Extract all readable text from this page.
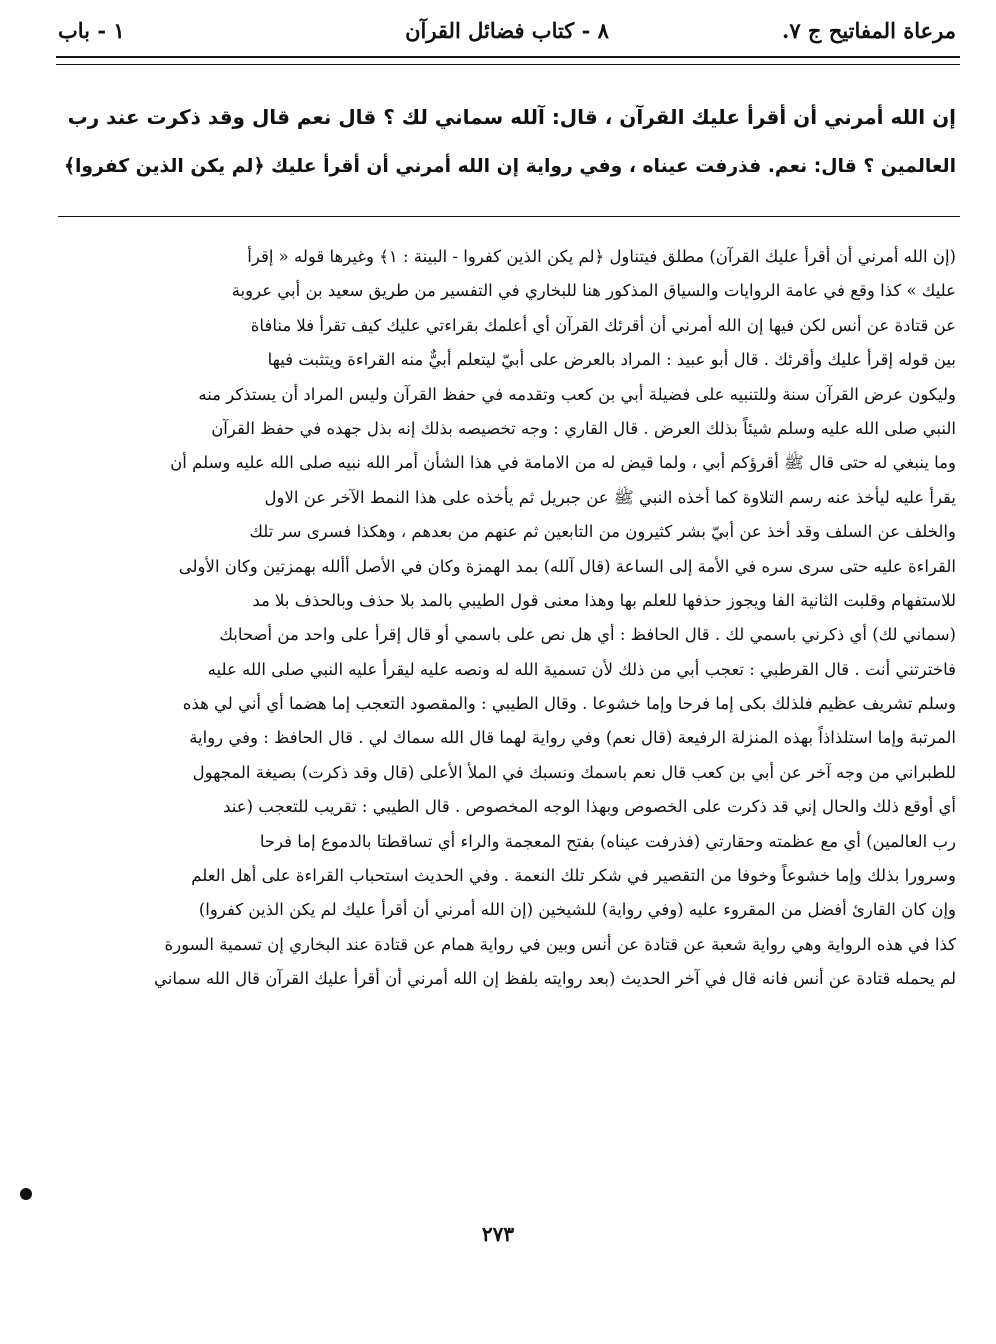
مرعاة المفاتيح ج ٧.
٨ - كتاب فضائل القرآن
١ - باب

إن الله أمرني أن أقرأ عليك القرآن ، قال: آلله سماني لك ؟ قال نعم قال وقد ذكرت عند رب

العالمين ؟ قال: نعم. فذرفت عيناه ، وفي رواية إن الله أمرني أن أقرأ عليك ﴿لم يكن الذين كفروا﴾

(إن الله أمرني أن أقرأ عليك القرآن) مطلق فيتناول ﴿لم يكن الذين كفروا - البينة : ١﴾ وغيرها قوله « إقرأ
عليك » كذا وقع في عامة الروايات والسياق المذكور هنا للبخاري في التفسير من طريق سعيد بن أبي عروبة
عن قتادة عن أنس لكن فيها إن الله أمرني أن أقرئك القرآن أي أعلمك بقراءتي عليك كيف تقرأ فلا منافاة
بين قوله إقرأ عليك وأقرئك . قال أبو عبيد : المراد بالعرض على أبيّ ليتعلم أبيٌّ منه القراءة ويتثبت فيها
وليكون عرض القرآن سنة وللتنبيه على فضيلة أبي بن كعب وتقدمه في حفظ القرآن وليس المراد أن يستذكر منه
النبي صلى الله عليه وسلم شيئاً بذلك العرض . قال القاري : وجه تخصيصه بذلك إنه بذل جهده في حفظ القرآن
وما ينبغي له حتى قال ﷺ أقرؤكم أبي ، ولما قيض له من الامامة في هذا الشأن أمر الله نبيه صلى الله عليه وسلم أن
يقرأ عليه ليأخذ عنه رسم التلاوة كما أخذه النبي ﷺ عن جبريل ثم يأخذه على هذا النمط الآخر عن الاول
والخلف عن السلف وقد أخذ عن أبيّ بشر كثيرون من التابعين ثم عنهم من بعدهم ، وهكذا فسرى سر تلك
القراءة عليه حتى سرى سره في الأمة إلى الساعة (قال آلله) بمد الهمزة وكان في الأصل أألله بهمزتين وكان الأولى
للاستفهام وقلبت الثانية الفا ويجوز حذفها للعلم بها وهذا معنى قول الطيبي بالمد بلا حذف وبالحذف بلا مد
(سماني لك) أي ذكرني باسمي لك . قال الحافظ : أي هل نص على باسمي أو قال إقرأ على واحد من أصحابك
فاخترتني أنت . قال القرطبي : تعجب أبي من ذلك لأن تسمية الله له ونصه عليه ليقرأ عليه النبي صلى الله عليه
وسلم تشريف عظيم فلذلك بكى إما فرحا وإما خشوعا . وقال الطيبي : والمقصود التعجب إما هضما أي أني لي هذه
المرتبة وإما استلذاذاً بهذه المنزلة الرفيعة (قال نعم) وفي رواية لهما قال الله سماك لي . قال الحافظ : وفي رواية
للطبراني من وجه آخر عن أبي بن كعب قال نعم باسمك ونسبك في الملأ الأعلى (قال وقد ذكرت) بصيغة المجهول
أي أوقع ذلك والحال إني قد ذكرت على الخصوص وبهذا الوجه المخصوص . قال الطيبي : تقريب للتعجب (عند
رب العالمين) أي مع عظمته وحقارتي (فذرفت عيناه) بفتح المعجمة والراء أي تساقطتا بالدموع إما فرحا
وسرورا بذلك وإما خشوعاً وخوفا من التقصير في شكر تلك النعمة . وفي الحديث استحباب القراءة على أهل العلم
وإن كان القارئ أفضل من المقروء عليه (وفي رواية) للشيخين (إن الله أمرني أن أقرأ عليك لم يكن الذين كفروا)
كذا في هذه الرواية وهي رواية شعبة عن قتادة عن أنس وبين في رواية همام عن قتادة عند البخاري إن تسمية السورة
لم يحمله قتادة عن أنس فانه قال في آخر الحديث (بعد روايته بلفظ إن الله أمرني أن أقرأ عليك القرآن قال الله سماني
٢٧٣
